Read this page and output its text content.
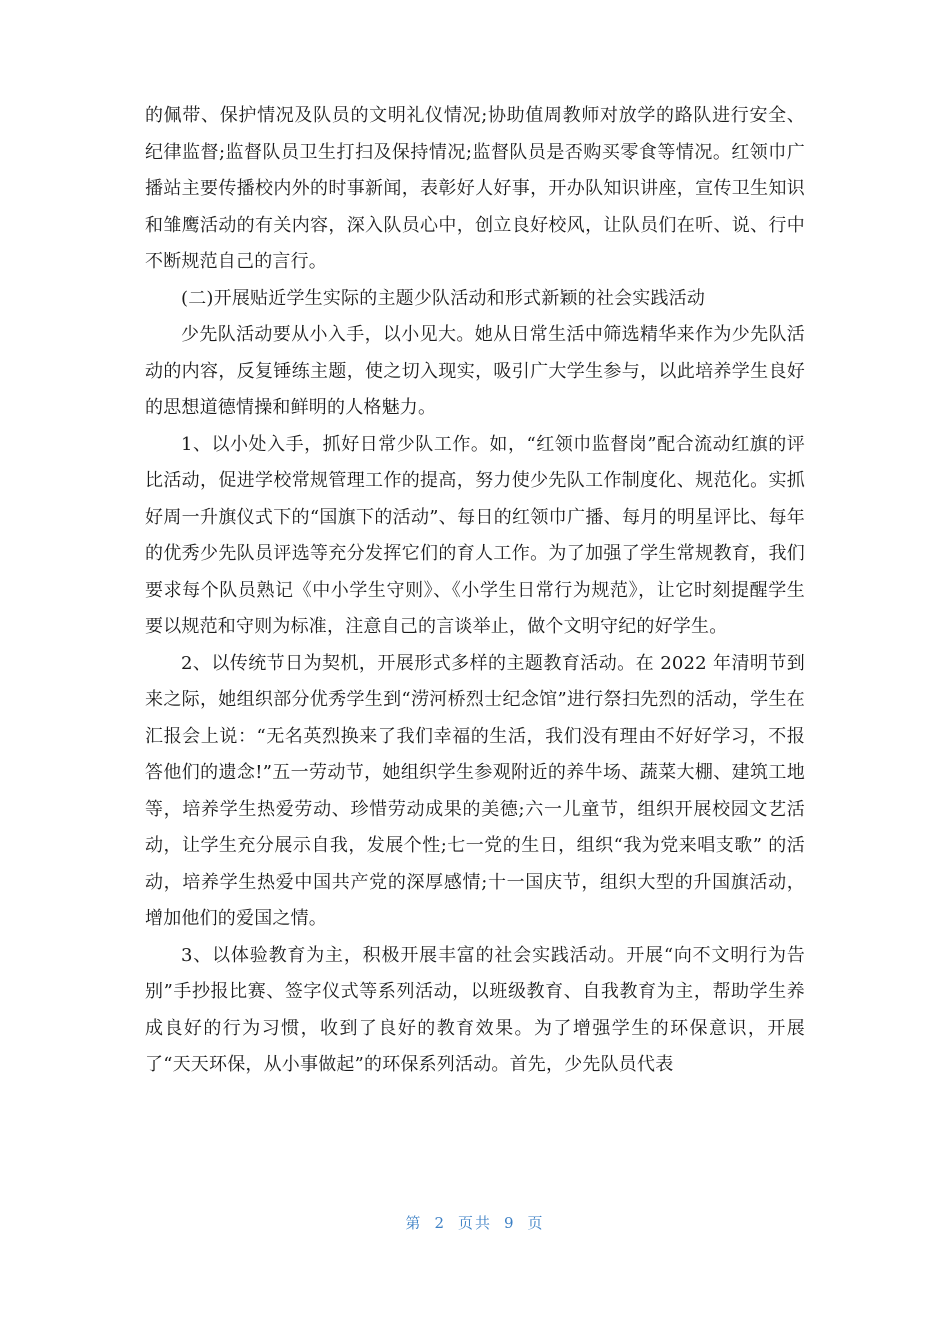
的佩带、保护情况及队员的文明礼仪情况;协助值周教师对放学的路队进行安全、纪律监督;监督队员卫生打扫及保持情况;监督队员是否购买零食等情况。红领巾广播站主要传播校内外的时事新闻，表彰好人好事，开办队知识讲座，宣传卫生知识和雏鹰活动的有关内容，深入队员心中，创立良好校风，让队员们在听、说、行中不断规范自己的言行。

(二)开展贴近学生实际的主题少队活动和形式新颖的社会实践活动

少先队活动要从小入手，以小见大。她从日常生活中筛选精华来作为少先队活动的内容，反复锤练主题，使之切入现实，吸引广大学生参与，以此培养学生良好的思想道德情操和鲜明的人格魅力。

1、以小处入手，抓好日常少队工作。如，“红领巾监督岗”配合流动红旗的评比活动，促进学校常规管理工作的提高，努力使少先队工作制度化、规范化。实抓好周一升旗仪式下的“国旗下的活动”、每日的红领巾广播、每月的明星评比、每年的优秀少先队员评选等充分发挥它们的育人工作。为了加强了学生常规教育，我们要求每个队员熟记《中小学生守则》、《小学生日常行为规范》，让它时刻提醒学生要以规范和守则为标准，注意自己的言谈举止，做个文明守纪的好学生。

2、以传统节日为契机，开展形式多样的主题教育活动。在 2022 年清明节到来之际，她组织部分优秀学生到“涝河桥烈士纪念馆”进行祭扫先烈的活动，学生在汇报会上说：“无名英烈换来了我们幸福的生活，我们没有理由不好好学习，不报答他们的遗念!”五一劳动节，她组织学生参观附近的养牛场、蔬菜大棚、建筑工地等，培养学生热爱劳动、珍惜劳动成果的美德;六一儿童节，组织开展校园文艺活动，让学生充分展示自我，发展个性;七一党的生日，组织“我为党来唱支歌” 的活动，培养学生热爱中国共产党的深厚感情;十一国庆节，组织大型的升国旗活动，增加他们的爱国之情。

3、以体验教育为主，积极开展丰富的社会实践活动。开展“向不文明行为告别”手抄报比赛、签字仪式等系列活动，以班级教育、自我教育为主，帮助学生养成良好的行为习惯，收到了良好的教育效果。为了增强学生的环保意识，开展了“天天环保，从小事做起”的环保系列活动。首先，少先队员代表

第 2 页共 9 页
